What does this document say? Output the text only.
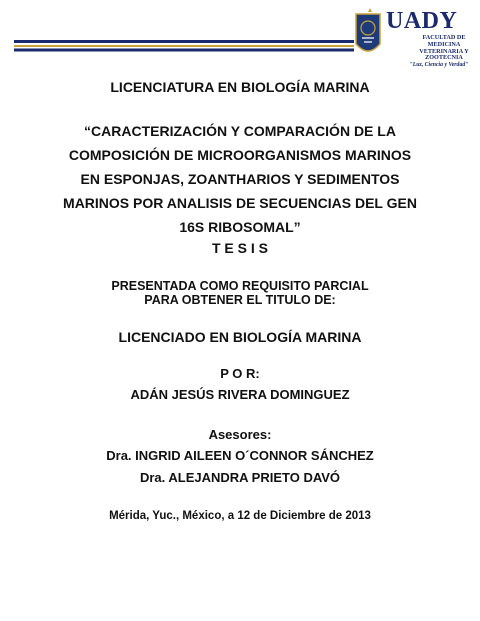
UADY
FACULTAD DE
MEDICINA
VETERINARIA Y
ZOOTECNIA
"Luz, Ciencia y Verdad"
LICENCIATURA EN BIOLOGÍA MARINA
“CARACTERIZACIÓN Y COMPARACIÓN DE LA
COMPOSICIÓN DE MICROORGANISMOS MARINOS
EN ESPONJAS, ZOANTHARIOS Y SEDIMENTOS
MARINOS POR ANALISIS DE SECUENCIAS DEL GEN
16S RIBOSOMAL”
T E S I S
PRESENTADA COMO REQUISITO PARCIAL
PARA OBTENER EL TITULO DE:
LICENCIADO EN BIOLOGÍA MARINA
P O R:
ADÁN JESÚS RIVERA DOMINGUEZ
Asesores:
Dra. INGRID AILEEN O´CONNOR SÁNCHEZ
Dra. ALEJANDRA PRIETO DAVÓ
Mérida, Yuc., México, a 12 de Diciembre de 2013
